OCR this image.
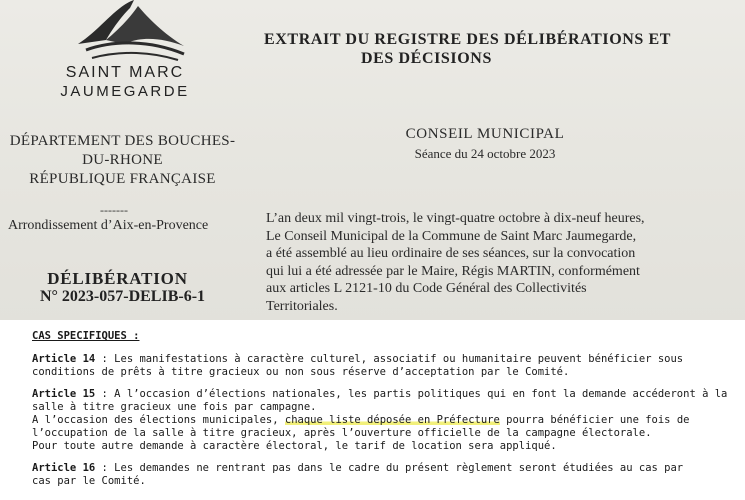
SAINT MARC
JAUMEGARDE
EXTRAIT DU REGISTRE DES DÉLIBÉRATIONS ET
DES DÉCISIONS
DÉPARTEMENT DES BOUCHES-
DU-RHONE
RÉPUBLIQUE FRANÇAISE
-------
Arrondissement d’Aix-en-Provence
DÉLIBÉRATION
N° 2023-057-DELIB-6-1
CONSEIL MUNICIPAL
Séance du 24 octobre 2023
L’an deux mil vingt-trois, le vingt-quatre octobre à dix-neuf heures,
Le Conseil Municipal de la Commune de Saint Marc Jaumegarde,
a été assemblé au lieu ordinaire de ses séances, sur la convocation
qui lui a été adressée par le Maire, Régis MARTIN, conformément
aux articles L 2121-10 du Code Général des Collectivités
Territoriales.
CAS SPECIFIQUES :
Article 14 : Les manifestations à caractère culturel, associatif ou humanitaire peuvent bénéficier sous
conditions de prêts à titre gracieux ou non sous réserve d’acceptation par le Comité.
Article 15 : A l’occasion d’élections nationales, les partis politiques qui en font la demande accéderont à la
salle à titre gracieux une fois par campagne.
A l’occasion des élections municipales, chaque liste déposée en Préfecture pourra bénéficier une fois de
l’occupation de la salle à titre gracieux, après l’ouverture officielle de la campagne électorale.
Pour toute autre demande à caractère électoral, le tarif de location sera appliqué.
Article 16 : Les demandes ne rentrant pas dans le cadre du présent règlement seront étudiées au cas par
cas par le Comité.
